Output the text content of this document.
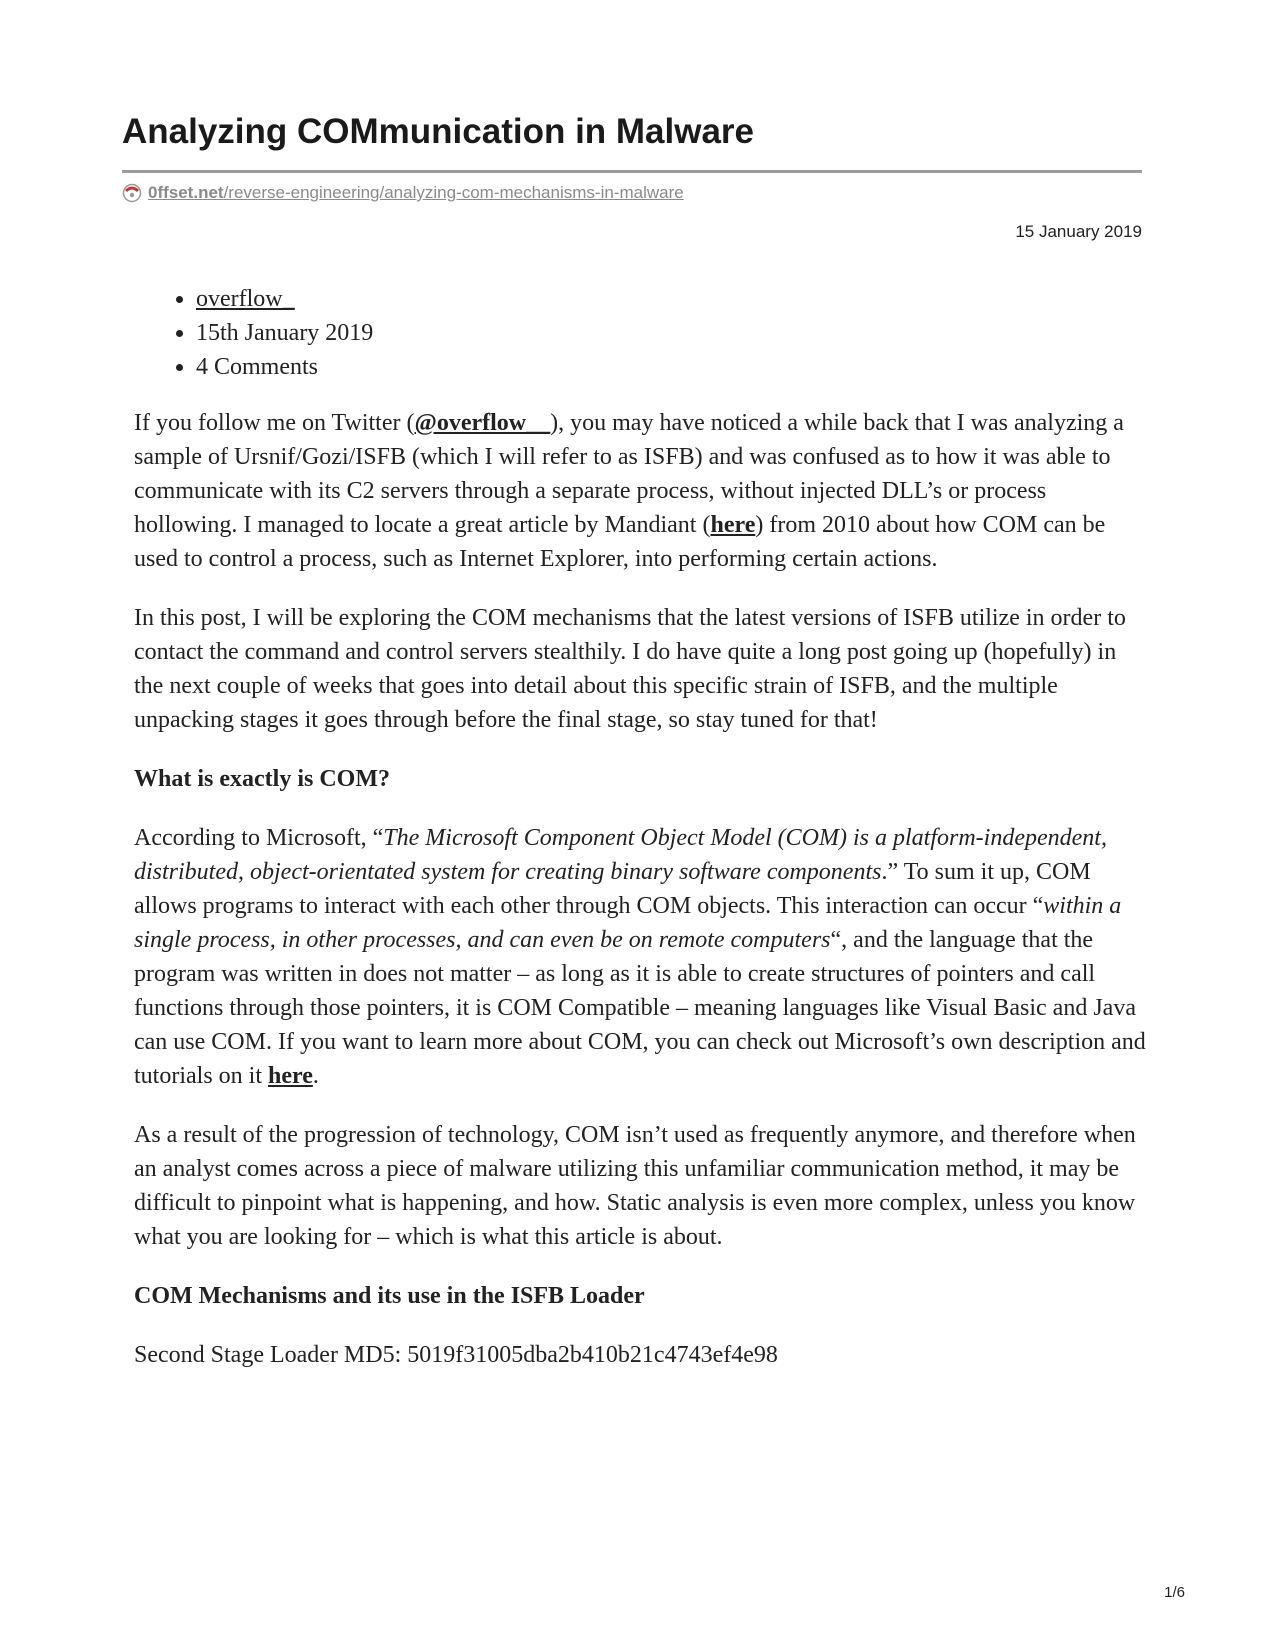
Analyzing COMmunication in Malware
0ffset.net/reverse-engineering/analyzing-com-mechanisms-in-malware
15 January 2019
• overflow_
• 15th January 2019
• 4 Comments

If you follow me on Twitter (@overflow__), you may have noticed a while back that I was analyzing a sample of Ursnif/Gozi/ISFB (which I will refer to as ISFB) and was confused as to how it was able to communicate with its C2 servers through a separate process, without injected DLL’s or process hollowing. I managed to locate a great article by Mandiant (here) from 2010 about how COM can be used to control a process, such as Internet Explorer, into performing certain actions.

In this post, I will be exploring the COM mechanisms that the latest versions of ISFB utilize in order to contact the command and control servers stealthily. I do have quite a long post going up (hopefully) in the next couple of weeks that goes into detail about this specific strain of ISFB, and the multiple unpacking stages it goes through before the final stage, so stay tuned for that!

What is exactly is COM?

According to Microsoft, “The Microsoft Component Object Model (COM) is a platform-independent, distributed, object-orientated system for creating binary software components.” To sum it up, COM allows programs to interact with each other through COM objects. This interaction can occur “within a single process, in other processes, and can even be on remote computers“, and the language that the program was written in does not matter – as long as it is able to create structures of pointers and call functions through those pointers, it is COM Compatible – meaning languages like Visual Basic and Java can use COM. If you want to learn more about COM, you can check out Microsoft’s own description and tutorials on it here.

As a result of the progression of technology, COM isn’t used as frequently anymore, and therefore when an analyst comes across a piece of malware utilizing this unfamiliar communication method, it may be difficult to pinpoint what is happening, and how. Static analysis is even more complex, unless you know what you are looking for – which is what this article is about.

COM Mechanisms and its use in the ISFB Loader

Second Stage Loader MD5: 5019f31005dba2b410b21c4743ef4e98

1/6
